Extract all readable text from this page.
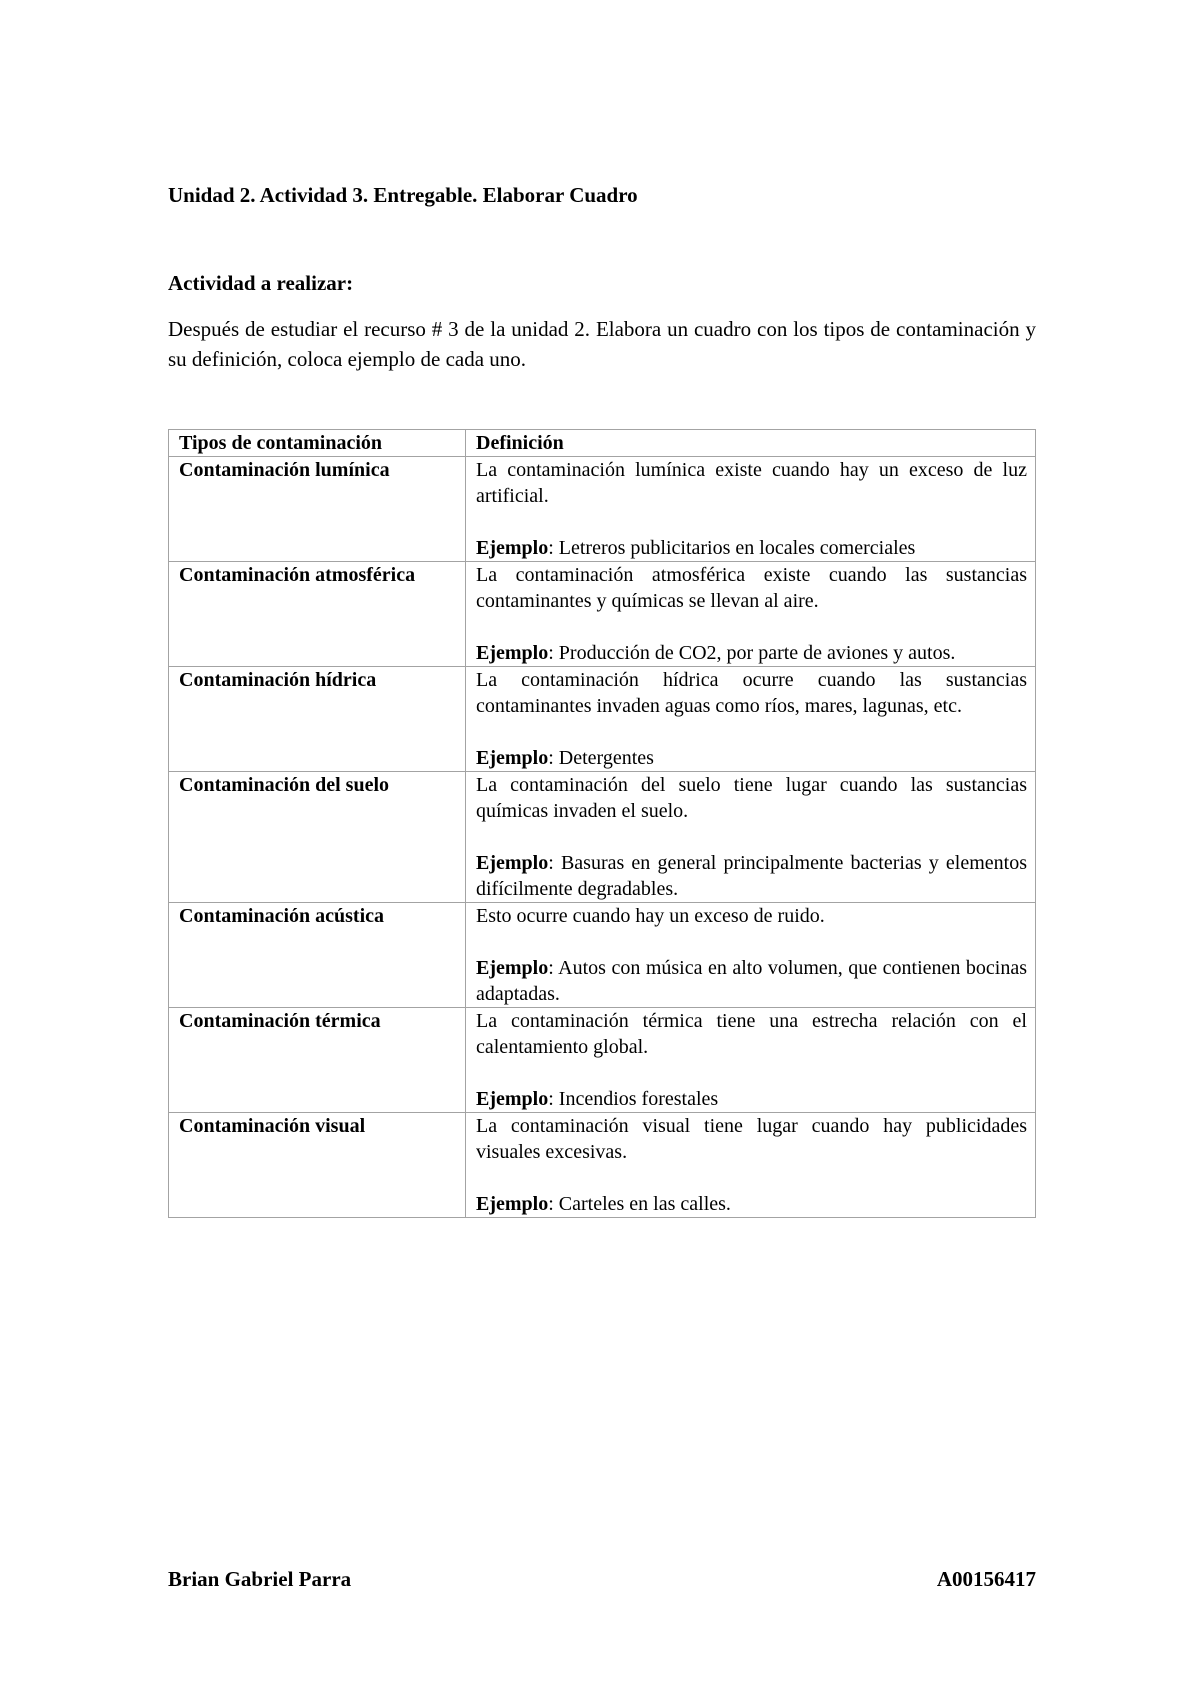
Unidad 2. Actividad 3. Entregable. Elaborar Cuadro
Actividad a realizar:

Después de estudiar el recurso # 3 de la unidad 2. Elabora un cuadro con los tipos de contaminación y su definición, coloca ejemplo de cada uno.

Tipos de contaminación	Definición
Contaminación lumínica	La contaminación lumínica existe cuando hay un exceso de luz artificial.

Ejemplo: Letreros publicitarios en locales comerciales

Contaminación atmosférica	La contaminación atmosférica existe cuando las sustancias contaminantes y químicas se llevan al aire.

Ejemplo: Producción de CO2, por parte de aviones y autos.

Contaminación hídrica	La contaminación hídrica ocurre cuando las sustancias contaminantes invaden aguas como ríos, mares, lagunas, etc.

Ejemplo: Detergentes

Contaminación del suelo	La contaminación del suelo tiene lugar cuando las sustancias químicas invaden el suelo.

Ejemplo: Basuras en general principalmente bacterias y elementos difícilmente degradables.

Contaminación acústica	Esto ocurre cuando hay un exceso de ruido.

Ejemplo: Autos con música en alto volumen, que contienen bocinas adaptadas.

Contaminación térmica	La contaminación térmica tiene una estrecha relación con el calentamiento global.

Ejemplo: Incendios forestales

Contaminación visual	La contaminación visual tiene lugar cuando hay publicidades visuales excesivas.

Ejemplo: Carteles en las calles.

Brian Gabriel Parra	A00156417
